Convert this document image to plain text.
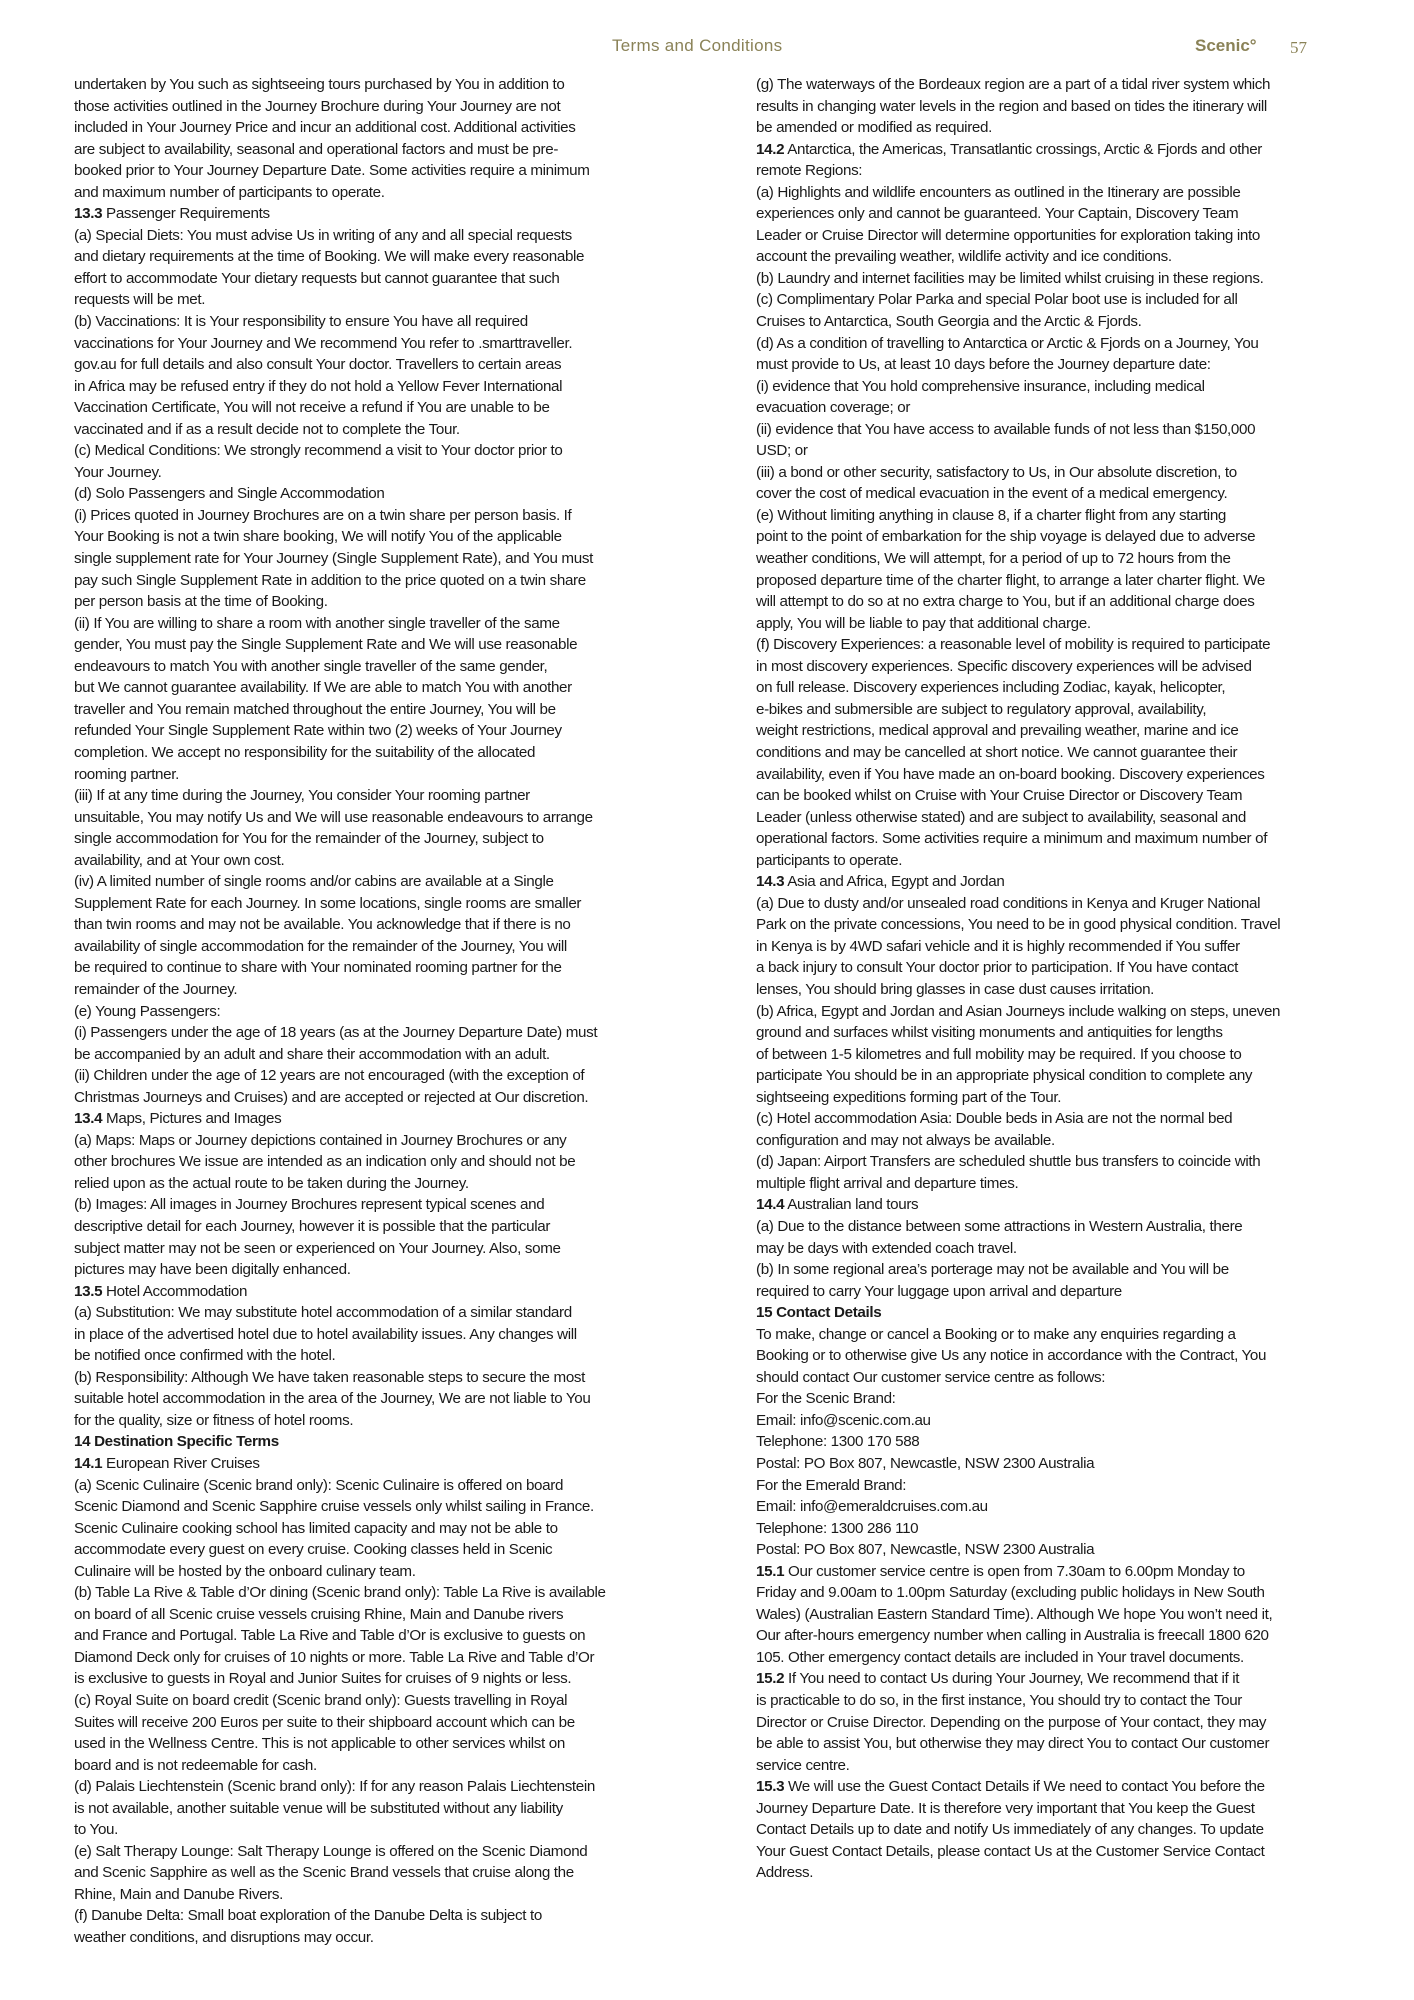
Terms and Conditions	Scenic° 57
undertaken by You such as sightseeing tours purchased by You in addition to
those activities outlined in the Journey Brochure during Your Journey are not
included in Your Journey Price and incur an additional cost. Additional activities
are subject to availability, seasonal and operational factors and must be pre-
booked prior to Your Journey Departure Date. Some activities require a minimum
and maximum number of participants to operate.
13.3 Passenger Requirements
(a) Special Diets: You must advise Us in writing of any and all special requests
and dietary requirements at the time of Booking. We will make every reasonable
effort to accommodate Your dietary requests but cannot guarantee that such
requests will be met.
(b) Vaccinations: It is Your responsibility to ensure You have all required
vaccinations for Your Journey and We recommend You refer to .smarttraveller.
gov.au for full details and also consult Your doctor. Travellers to certain areas
in Africa may be refused entry if they do not hold a Yellow Fever International
Vaccination Certificate, You will not receive a refund if You are unable to be
vaccinated and if as a result decide not to complete the Tour.
(c) Medical Conditions: We strongly recommend a visit to Your doctor prior to
Your Journey.
(d) Solo Passengers and Single Accommodation
(i) Prices quoted in Journey Brochures are on a twin share per person basis. If
Your Booking is not a twin share booking, We will notify You of the applicable
single supplement rate for Your Journey (Single Supplement Rate), and You must
pay such Single Supplement Rate in addition to the price quoted on a twin share
per person basis at the time of Booking.
(ii) If You are willing to share a room with another single traveller of the same
gender, You must pay the Single Supplement Rate and We will use reasonable
endeavours to match You with another single traveller of the same gender,
but We cannot guarantee availability. If We are able to match You with another
traveller and You remain matched throughout the entire Journey, You will be
refunded Your Single Supplement Rate within two (2) weeks of Your Journey
completion. We accept no responsibility for the suitability of the allocated
rooming partner.
(iii) If at any time during the Journey, You consider Your rooming partner
unsuitable, You may notify Us and We will use reasonable endeavours to arrange
single accommodation for You for the remainder of the Journey, subject to
availability, and at Your own cost.
(iv) A limited number of single rooms and/or cabins are available at a Single
Supplement Rate for each Journey. In some locations, single rooms are smaller
than twin rooms and may not be available. You acknowledge that if there is no
availability of single accommodation for the remainder of the Journey, You will
be required to continue to share with Your nominated rooming partner for the
remainder of the Journey.
(e) Young Passengers:
(i) Passengers under the age of 18 years (as at the Journey Departure Date) must
be accompanied by an adult and share their accommodation with an adult.
(ii) Children under the age of 12 years are not encouraged (with the exception of
Christmas Journeys and Cruises) and are accepted or rejected at Our discretion.
13.4 Maps, Pictures and Images
(a) Maps: Maps or Journey depictions contained in Journey Brochures or any
other brochures We issue are intended as an indication only and should not be
relied upon as the actual route to be taken during the Journey.
(b) Images: All images in Journey Brochures represent typical scenes and
descriptive detail for each Journey, however it is possible that the particular
subject matter may not be seen or experienced on Your Journey. Also, some
pictures may have been digitally enhanced.
13.5 Hotel Accommodation
(a) Substitution: We may substitute hotel accommodation of a similar standard
in place of the advertised hotel due to hotel availability issues. Any changes will
be notified once confirmed with the hotel.
(b) Responsibility: Although We have taken reasonable steps to secure the most
suitable hotel accommodation in the area of the Journey, We are not liable to You
for the quality, size or fitness of hotel rooms.
14 Destination Specific Terms
14.1 European River Cruises
(a) Scenic Culinaire (Scenic brand only): Scenic Culinaire is offered on board
Scenic Diamond and Scenic Sapphire cruise vessels only whilst sailing in France.
Scenic Culinaire cooking school has limited capacity and may not be able to
accommodate every guest on every cruise. Cooking classes held in Scenic
Culinaire will be hosted by the onboard culinary team.
(b) Table La Rive & Table d’Or dining (Scenic brand only): Table La Rive is available
on board of all Scenic cruise vessels cruising Rhine, Main and Danube rivers
and France and Portugal. Table La Rive and Table d’Or is exclusive to guests on
Diamond Deck only for cruises of 10 nights or more. Table La Rive and Table d’Or
is exclusive to guests in Royal and Junior Suites for cruises of 9 nights or less.
(c) Royal Suite on board credit (Scenic brand only): Guests travelling in Royal
Suites will receive 200 Euros per suite to their shipboard account which can be
used in the Wellness Centre. This is not applicable to other services whilst on
board and is not redeemable for cash.
(d) Palais Liechtenstein (Scenic brand only): If for any reason Palais Liechtenstein
is not available, another suitable venue will be substituted without any liability
to You.
(e) Salt Therapy Lounge: Salt Therapy Lounge is offered on the Scenic Diamond
and Scenic Sapphire as well as the Scenic Brand vessels that cruise along the
Rhine, Main and Danube Rivers.
(f) Danube Delta: Small boat exploration of the Danube Delta is subject to
weather conditions, and disruptions may occur.
(g) The waterways of the Bordeaux region are a part of a tidal river system which
results in changing water levels in the region and based on tides the itinerary will
be amended or modified as required.
14.2 Antarctica, the Americas, Transatlantic crossings, Arctic & Fjords and other
remote Regions:
(a) Highlights and wildlife encounters as outlined in the Itinerary are possible
experiences only and cannot be guaranteed. Your Captain, Discovery Team
Leader or Cruise Director will determine opportunities for exploration taking into
account the prevailing weather, wildlife activity and ice conditions.
(b) Laundry and internet facilities may be limited whilst cruising in these regions.
(c) Complimentary Polar Parka and special Polar boot use is included for all
Cruises to Antarctica, South Georgia and the Arctic & Fjords.
(d) As a condition of travelling to Antarctica or Arctic & Fjords on a Journey, You
must provide to Us, at least 10 days before the Journey departure date:
(i) evidence that You hold comprehensive insurance, including medical
evacuation coverage; or
(ii) evidence that You have access to available funds of not less than $150,000
USD; or
(iii) a bond or other security, satisfactory to Us, in Our absolute discretion, to
cover the cost of medical evacuation in the event of a medical emergency.
(e) Without limiting anything in clause 8, if a charter flight from any starting
point to the point of embarkation for the ship voyage is delayed due to adverse
weather conditions, We will attempt, for a period of up to 72 hours from the
proposed departure time of the charter flight, to arrange a later charter flight. We
will attempt to do so at no extra charge to You, but if an additional charge does
apply, You will be liable to pay that additional charge.
(f) Discovery Experiences: a reasonable level of mobility is required to participate
in most discovery experiences. Specific discovery experiences will be advised
on full release. Discovery experiences including Zodiac, kayak, helicopter,
e-bikes and submersible are subject to regulatory approval, availability,
weight restrictions, medical approval and prevailing weather, marine and ice
conditions and may be cancelled at short notice. We cannot guarantee their
availability, even if You have made an on-board booking. Discovery experiences
can be booked whilst on Cruise with Your Cruise Director or Discovery Team
Leader (unless otherwise stated) and are subject to availability, seasonal and
operational factors. Some activities require a minimum and maximum number of
participants to operate.
14.3 Asia and Africa, Egypt and Jordan
(a) Due to dusty and/or unsealed road conditions in Kenya and Kruger National
Park on the private concessions, You need to be in good physical condition. Travel
in Kenya is by 4WD safari vehicle and it is highly recommended if You suffer
a back injury to consult Your doctor prior to participation. If You have contact
lenses, You should bring glasses in case dust causes irritation.
(b) Africa, Egypt and Jordan and Asian Journeys include walking on steps, uneven
ground and surfaces whilst visiting monuments and antiquities for lengths
of between 1-5 kilometres and full mobility may be required. If you choose to
participate You should be in an appropriate physical condition to complete any
sightseeing expeditions forming part of the Tour.
(c) Hotel accommodation Asia: Double beds in Asia are not the normal bed
configuration and may not always be available.
(d) Japan: Airport Transfers are scheduled shuttle bus transfers to coincide with
multiple flight arrival and departure times.
14.4 Australian land tours
(a) Due to the distance between some attractions in Western Australia, there
may be days with extended coach travel.
(b) In some regional area’s porterage may not be available and You will be
required to carry Your luggage upon arrival and departure
15 Contact Details
To make, change or cancel a Booking or to make any enquiries regarding a
Booking or to otherwise give Us any notice in accordance with the Contract, You
should contact Our customer service centre as follows:
For the Scenic Brand:
Email: info@scenic.com.au
Telephone: 1300 170 588
Postal: PO Box 807, Newcastle, NSW 2300 Australia
For the Emerald Brand:
Email: info@emeraldcruises.com.au
Telephone: 1300 286 110
Postal: PO Box 807, Newcastle, NSW 2300 Australia
15.1 Our customer service centre is open from 7.30am to 6.00pm Monday to
Friday and 9.00am to 1.00pm Saturday (excluding public holidays in New South
Wales) (Australian Eastern Standard Time). Although We hope You won’t need it,
Our after-hours emergency number when calling in Australia is freecall 1800 620
105. Other emergency contact details are included in Your travel documents.
15.2 If You need to contact Us during Your Journey, We recommend that if it
is practicable to do so, in the first instance, You should try to contact the Tour
Director or Cruise Director. Depending on the purpose of Your contact, they may
be able to assist You, but otherwise they may direct You to contact Our customer
service centre.
15.3 We will use the Guest Contact Details if We need to contact You before the
Journey Departure Date. It is therefore very important that You keep the Guest
Contact Details up to date and notify Us immediately of any changes. To update
Your Guest Contact Details, please contact Us at the Customer Service Contact
Address.
